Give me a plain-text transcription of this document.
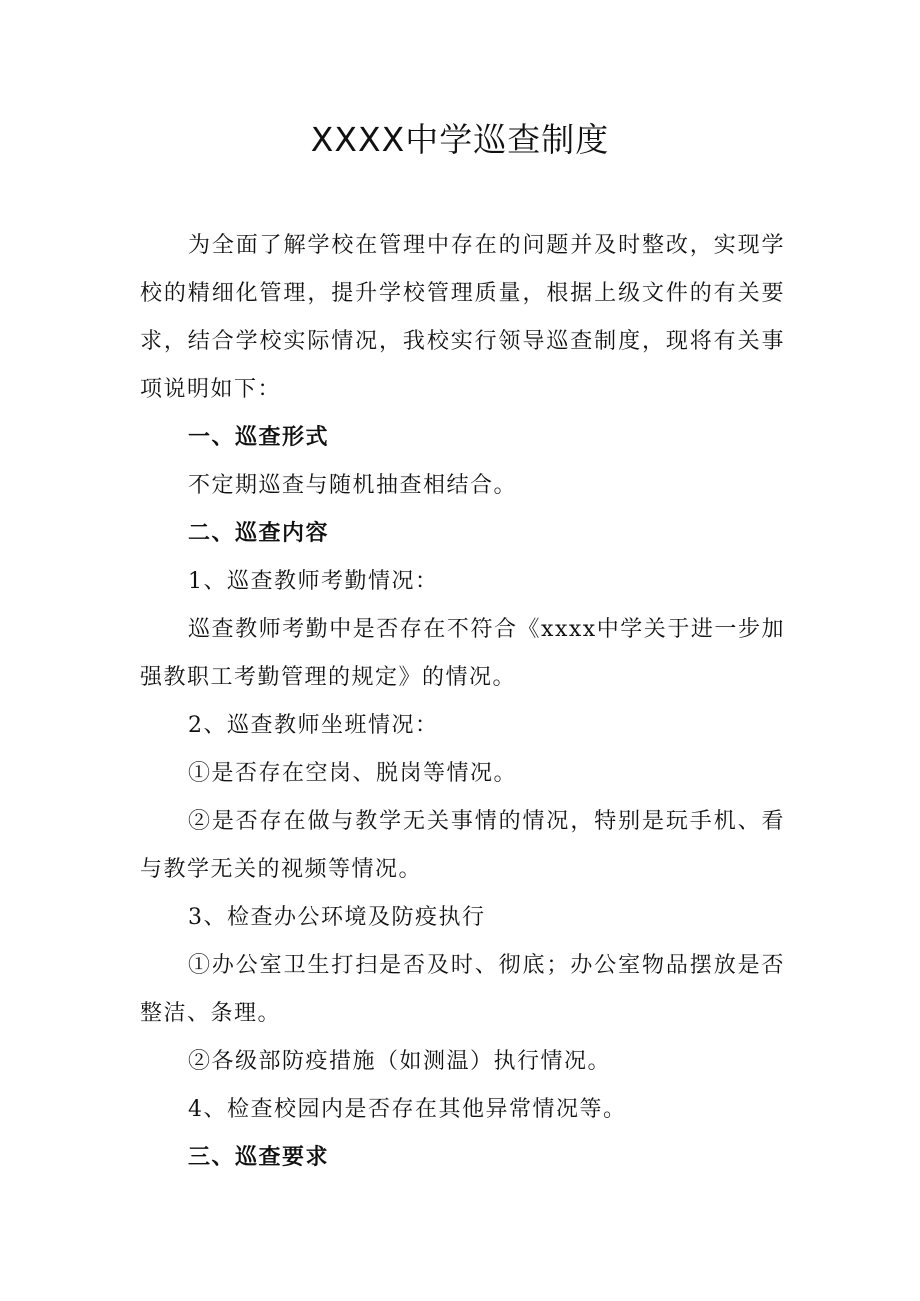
XXXX中学巡查制度

为全面了解学校在管理中存在的问题并及时整改，实现学校的精细化管理，提升学校管理质量，根据上级文件的有关要求，结合学校实际情况，我校实行领导巡查制度，现将有关事项说明如下：

一、巡查形式

不定期巡查与随机抽查相结合。

二、巡查内容

1、巡查教师考勤情况：

巡查教师考勤中是否存在不符合《xxxx中学关于进一步加强教职工考勤管理的规定》的情况。

2、巡查教师坐班情况：

①是否存在空岗、脱岗等情况。

②是否存在做与教学无关事情的情况，特别是玩手机、看与教学无关的视频等情况。

3、检查办公环境及防疫执行

①办公室卫生打扫是否及时、彻底；办公室物品摆放是否整洁、条理。

②各级部防疫措施（如测温）执行情况。

4、检查校园内是否存在其他异常情况等。

三、巡查要求
